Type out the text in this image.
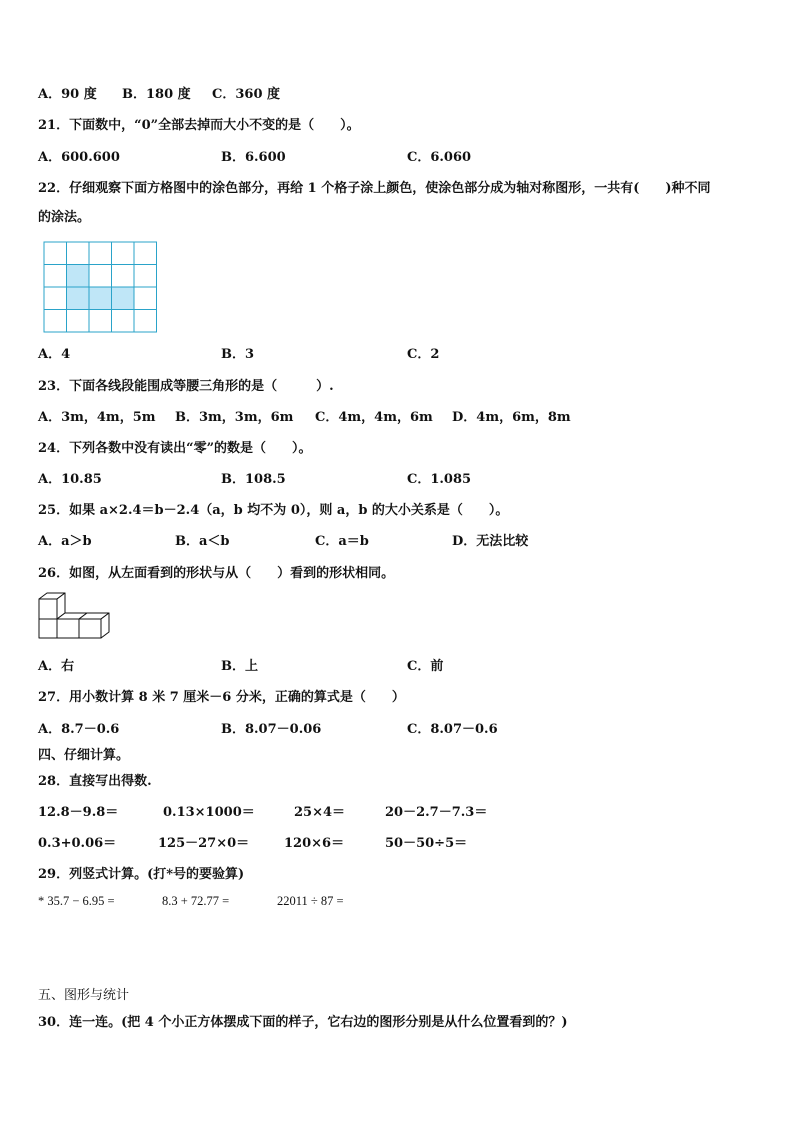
A．90 度 B．180 度 C．360 度
21．下面数中，“0”全部去掉而大小不变的是（　　）。
A．600.600	B．6.600	C．6.060
22．仔细观察下面方格图中的涂色部分，再给 1 个格子涂上颜色，使涂色部分成为轴对称图形，一共有(　　)种不同
的涂法。
A．4	B．3	C．2
23．下面各线段能围成等腰三角形的是（　　　）.
A．3m，4m，5m B．3m，3m，6m C．4m，4m，6m D．4m，6m，8m
24．下列各数中没有读出“零”的数是（　　）。
A．10.85	B．108.5	C．1.085
25．如果 a×2.4＝b－2.4（a，b 均不为 0），则 a，b 的大小关系是（　　）。
A．a＞b	B．a＜b	C．a＝b	D．无法比较
26．如图，从左面看到的形状与从（　　）看到的形状相同。
A．右	B．上	C．前
27．用小数计算 8 米 7 厘米－6 分米，正确的算式是（　　）
A．8.7－0.6	B．8.07－0.06	C．8.07－0.6
四、仔细计算。
28．直接写出得数.
12.8－9.8＝	0.13×1000＝	25×4＝	20－2.7－7.3＝
0.3+0.06＝	125－27×0＝	120×6＝	50－50÷5＝
29．列竖式计算。(打*号的要验算)
* 35.7 − 6.95 =	8.3 + 72.77 =	22011 ÷ 87 =
五、图形与统计
30．连一连。(把 4 个小正方体摆成下面的样子，它右边的图形分别是从什么位置看到的？)
